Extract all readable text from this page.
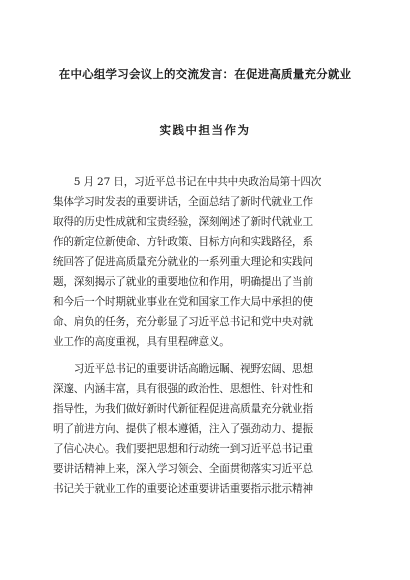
在中心组学习会议上的交流发言：在促进高质量充分就业
实践中担当作为
　　5 月 27 日，习近平总书记在中共中央政治局第十四次
集体学习时发表的重要讲话，全面总结了新时代就业工作
取得的历史性成就和宝贵经验，深刻阐述了新时代就业工
作的新定位新使命、方针政策、目标方向和实践路径，系
统回答了促进高质量充分就业的一系列重大理论和实践问
题，深刻揭示了就业的重要地位和作用，明确提出了当前
和今后一个时期就业事业在党和国家工作大局中承担的使
命、肩负的任务，充分彰显了习近平总书记和党中央对就
业工作的高度重视，具有里程碑意义。
　　习近平总书记的重要讲话高瞻远瞩、视野宏阔、思想
深邃、内涵丰富，具有很强的政治性、思想性、针对性和
指导性，为我们做好新时代新征程促进高质量充分就业指
明了前进方向、提供了根本遵循，注入了强劲动力、提振
了信心决心。我们要把思想和行动统一到习近平总书记重
要讲话精神上来，深入学习领会、全面贯彻落实习近平总
书记关于就业工作的重要论述重要讲话重要指示批示精神
